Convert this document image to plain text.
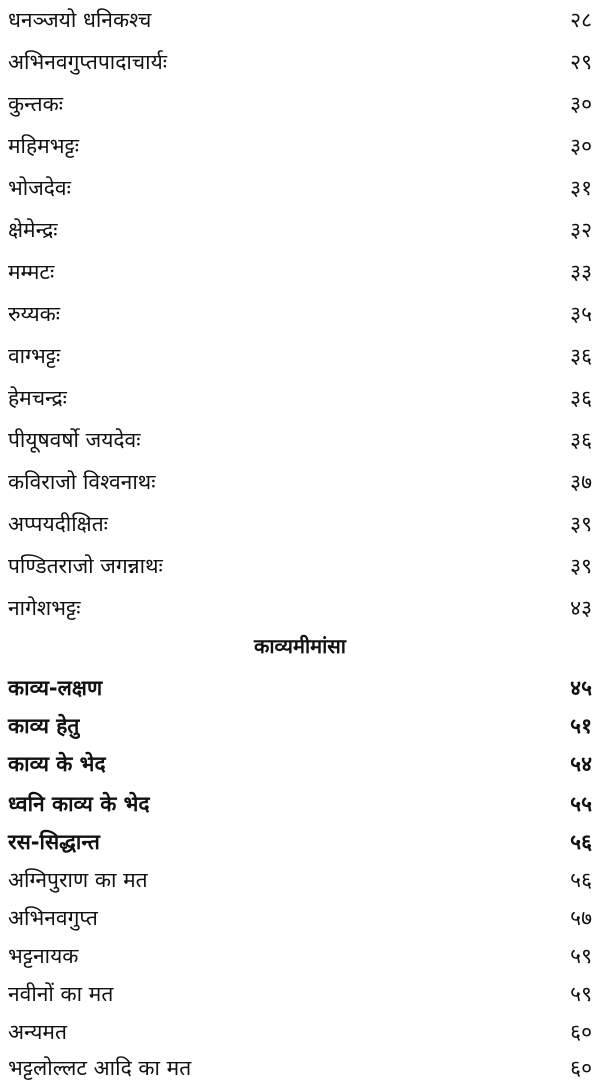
धनञ्जयो धनिकश्च	२८
अभिनवगुप्तपादाचार्यः	२९
कुन्तकः	३०
महिमभट्टः	३०
भोजदेवः	३१
क्षेमेन्द्रः	३२
मम्मटः	३३
रुय्यकः	३५
वाग्भट्टः	३६
हेमचन्द्रः	३६
पीयूषवर्षो जयदेवः	३६
कविराजो विश्वनाथः	३७
अप्पयदीक्षितः	३९
पण्डितराजो जगन्नाथः	३९
नागेशभट्टः	४३
काव्यमीमांसा
काव्य-लक्षण	४५
काव्य हेतु	५१
काव्य के भेद	५४
ध्वनि काव्य के भेद	५५
रस-सिद्धान्त	५६
अग्निपुराण का मत	५६
अभिनवगुप्त	५७
भट्टनायक	५९
नवीनों का मत	५९
अन्यमत	६०
भट्टलोल्लट आदि का मत	६०
